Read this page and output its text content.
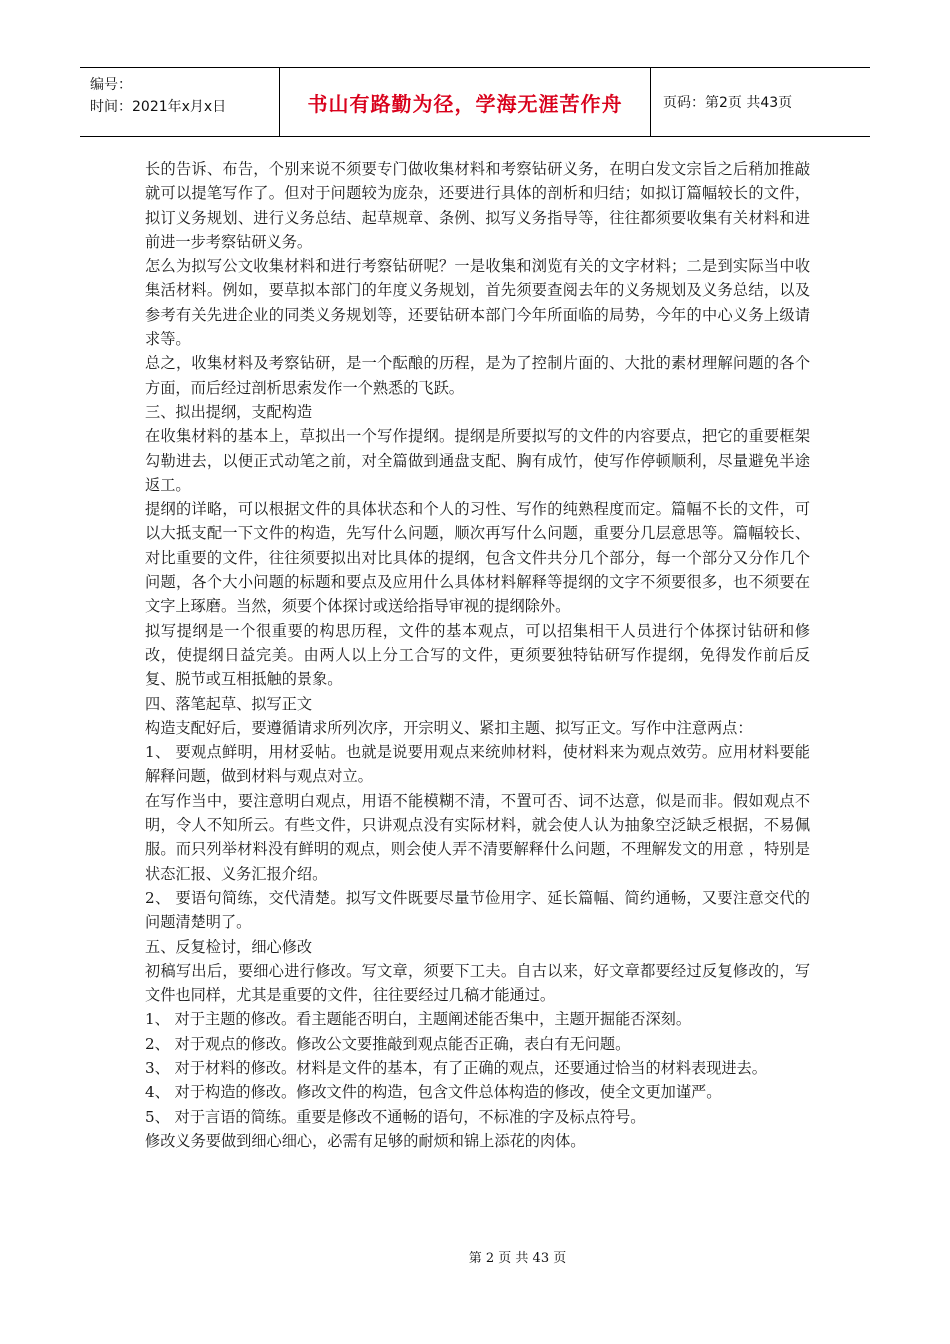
编号：
时间：2021年x月x日	书山有路勤为径，学海无涯苦作舟	页码：第2页 共43页

长的告诉、布告，个别来说不须要专门做收集材料和考察钻研义务，在明白发文宗旨之后稍加推敲就可以提笔写作了。但对于问题较为庞杂，还要进行具体的剖析和归结；如拟订篇幅较长的文件，拟订义务规划、进行义务总结、起草规章、条例、拟写义务指导等，往往都须要收集有关材料和进前进一步考察钻研义务。

怎么为拟写公文收集材料和进行考察钻研呢？一是收集和浏览有关的文字材料；二是到实际当中收集活材料。例如，要草拟本部门的年度义务规划，首先须要查阅去年的义务规划及义务总结，以及参考有关先进企业的同类义务规划等，还要钻研本部门今年所面临的局势，今年的中心义务上级请求等。

总之，收集材料及考察钻研，是一个酝酿的历程，是为了控制片面的、大批的素材理解问题的各个方面，而后经过剖析思索发作一个熟悉的飞跃。

三、拟出提纲，支配构造

在收集材料的基本上，草拟出一个写作提纲。提纲是所要拟写的文件的内容要点，把它的重要框架勾勒进去，以便正式动笔之前，对全篇做到通盘支配、胸有成竹，使写作停顿顺利，尽量避免半途返工。

提纲的详略，可以根据文件的具体状态和个人的习性、写作的纯熟程度而定。篇幅不长的文件，可以大抵支配一下文件的构造，先写什么问题，顺次再写什么问题，重要分几层意思等。篇幅较长、对比重要的文件，往往须要拟出对比具体的提纲，包含文件共分几个部分，每一个部分又分作几个问题，各个大小问题的标题和要点及应用什么具体材料解释等提纲的文字不须要很多，也不须要在文字上琢磨。当然，须要个体探讨或送给指导审视的提纲除外。

拟写提纲是一个很重要的构思历程，文件的基本观点，可以招集相干人员进行个体探讨钻研和修改，使提纲日益完美。由两人以上分工合写的文件，更须要独特钻研写作提纲，免得发作前后反复、脱节或互相抵触的景象。

四、落笔起草、拟写正文

构造支配好后，要遵循请求所列次序，开宗明义、紧扣主题、拟写正文。写作中注意两点：

1、 要观点鲜明，用材妥帖。也就是说要用观点来统帅材料，使材料来为观点效劳。应用材料要能解释问题，做到材料与观点对立。

在写作当中，要注意明白观点，用语不能模糊不清，不置可否、词不达意，似是而非。假如观点不明，令人不知所云。有些文件，只讲观点没有实际材料，就会使人认为抽象空泛缺乏根据，不易佩服。而只列举材料没有鲜明的观点，则会使人弄不清要解释什么问题，不理解发文的用意 ，特别是状态汇报、义务汇报介绍。

2、 要语句简练，交代清楚。拟写文件既要尽量节俭用字、延长篇幅、简约通畅，又要注意交代的问题清楚明了。

五、反复检讨，细心修改

初稿写出后，要细心进行修改。写文章，须要下工夫。自古以来，好文章都要经过反复修改的，写文件也同样，尤其是重要的文件，往往要经过几稿才能通过。

1、 对于主题的修改。看主题能否明白，主题阐述能否集中，主题开掘能否深刻。

2、 对于观点的修改。修改公文要推敲到观点能否正确，表白有无问题。

3、 对于材料的修改。材料是文件的基本，有了正确的观点，还要通过恰当的材料表现进去。

4、 对于构造的修改。修改文件的构造，包含文件总体构造的修改，使全文更加谨严。

5、 对于言语的简练。重要是修改不通畅的语句，不标准的字及标点符号。

修改义务要做到细心细心，必需有足够的耐烦和锦上添花的肉体。

第 2 页 共 43 页
